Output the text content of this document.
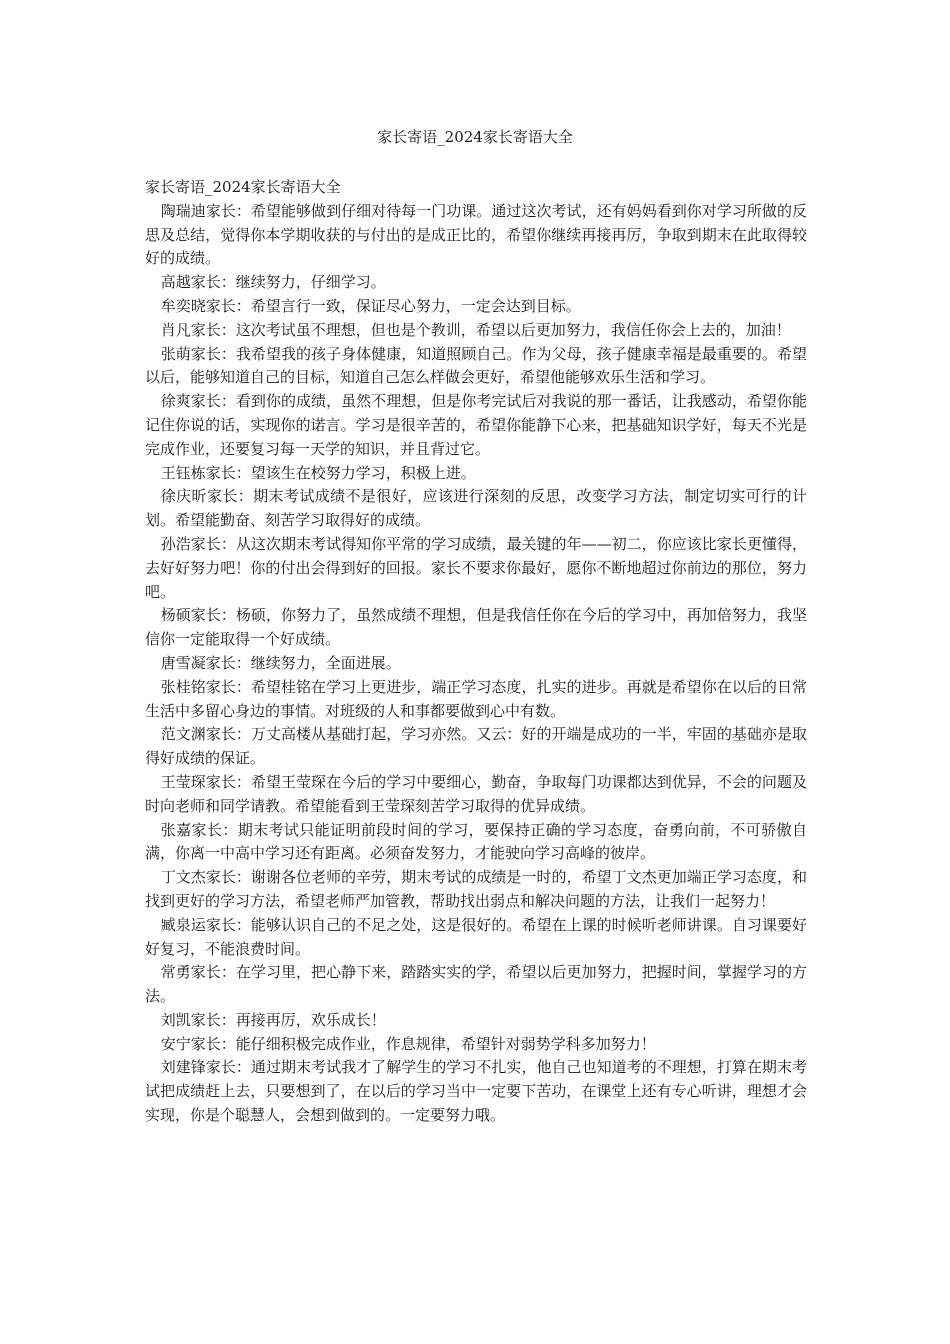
家长寄语_2024家长寄语大全

家长寄语_2024家长寄语大全

陶瑞迪家长：希望能够做到仔细对待每一门功课。通过这次考试，还有妈妈看到你对学习所做的反思及总结，觉得你本学期收获的与付出的是成正比的，希望你继续再接再厉，争取到期末在此取得较好的成绩。

高越家长：继续努力，仔细学习。

牟奕晓家长：希望言行一致，保证尽心努力，一定会达到目标。

肖凡家长：这次考试虽不理想，但也是个教训，希望以后更加努力，我信任你会上去的，加油！

张萌家长：我希望我的孩子身体健康，知道照顾自己。作为父母，孩子健康幸福是最重要的。希望以后，能够知道自己的目标，知道自己怎么样做会更好，希望他能够欢乐生活和学习。

徐爽家长：看到你的成绩，虽然不理想，但是你考完试后对我说的那一番话，让我感动，希望你能记住你说的话，实现你的诺言。学习是很辛苦的，希望你能静下心来，把基础知识学好，每天不光是完成作业，还要复习每一天学的知识，并且背过它。

王钰栋家长：望该生在校努力学习，积极上进。

徐庆昕家长：期末考试成绩不是很好，应该进行深刻的反思，改变学习方法，制定切实可行的计划。希望能勤奋、刻苦学习取得好的成绩。

孙浩家长：从这次期末考试得知你平常的学习成绩，最关键的年——初二，你应该比家长更懂得，去好好努力吧！你的付出会得到好的回报。家长不要求你最好，愿你不断地超过你前边的那位，努力吧。

杨硕家长：杨硕，你努力了，虽然成绩不理想，但是我信任你在今后的学习中，再加倍努力，我坚信你一定能取得一个好成绩。

唐雪凝家长：继续努力，全面进展。

张桂铭家长：希望桂铭在学习上更进步，端正学习态度，扎实的进步。再就是希望你在以后的日常生活中多留心身边的事情。对班级的人和事都要做到心中有数。

范文渊家长：万丈高楼从基础打起，学习亦然。又云：好的开端是成功的一半，牢固的基础亦是取得好成绩的保证。

王莹琛家长：希望王莹琛在今后的学习中要细心，勤奋，争取每门功课都达到优异，不会的问题及时向老师和同学请教。希望能看到王莹琛刻苦学习取得的优异成绩。

张嘉家长：期末考试只能证明前段时间的学习，要保持正确的学习态度，奋勇向前，不可骄傲自满，你离一中高中学习还有距离。必须奋发努力，才能驶向学习高峰的彼岸。

丁文杰家长：谢谢各位老师的辛劳，期末考试的成绩是一时的，希望丁文杰更加端正学习态度，和找到更好的学习方法，希望老师严加管教，帮助找出弱点和解决问题的方法，让我们一起努力！

臧泉运家长：能够认识自己的不足之处，这是很好的。希望在上课的时候听老师讲课。自习课要好好复习，不能浪费时间。

常勇家长：在学习里，把心静下来，踏踏实实的学，希望以后更加努力，把握时间，掌握学习的方法。

刘凯家长：再接再厉，欢乐成长！

安宁家长：能仔细积极完成作业，作息规律，希望针对弱势学科多加努力！

刘建锋家长：通过期末考试我才了解学生的学习不扎实，他自己也知道考的不理想，打算在期末考试把成绩赶上去，只要想到了，在以后的学习当中一定要下苦功，在课堂上还有专心听讲，理想才会实现，你是个聪慧人，会想到做到的。一定要努力哦。
